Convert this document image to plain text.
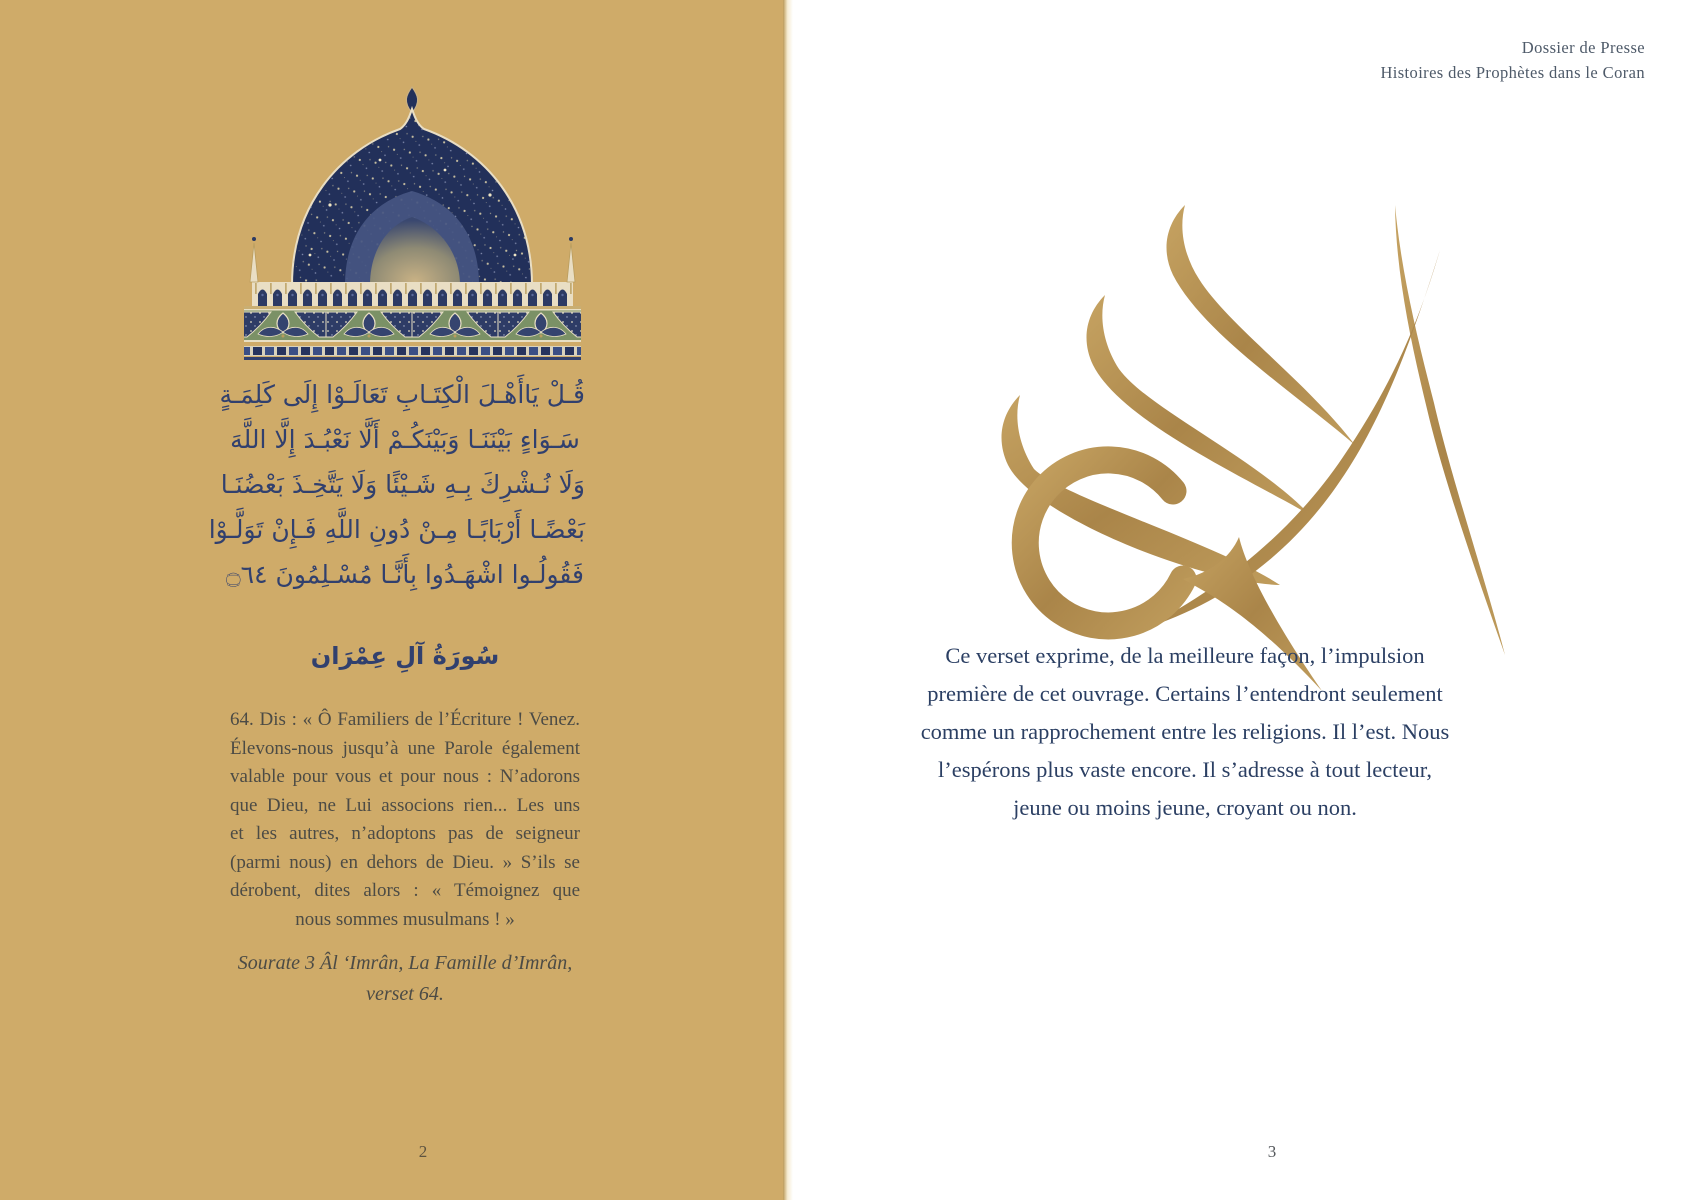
قُـلْ يَاأَهْـلَ الْكِتَـابِ تَعَالَـوْا إِلَى كَلِمَـةٍ
سَـوَاءٍ بَيْنَنَـا وَبَيْنَكُـمْ أَلَّا نَعْبُـدَ إِلَّا اللَّهَ
وَلَا نُـشْرِكَ بِـهِ شَـيْئًا وَلَا يَتَّخِـذَ بَعْضُنَـا
بَعْضًـا أَرْبَابًـا مِـنْ دُونِ اللَّهِ فَـإِنْ تَوَلَّـوْا
فَقُولُـوا اشْهَـدُوا بِأَنَّـا مُسْـلِمُونَ ۝٦٤
سُورَةُ آلِ عِمْرَان
64. Dis : « Ô Familiers de l’Écriture ! Venez.
Élevons-nous jusqu’à une Parole également
valable pour vous et pour nous : N’adorons
que Dieu, ne Lui associons rien... Les uns
et les autres, n’adoptons pas de seigneur
(parmi nous) en dehors de Dieu. » S’ils se
dérobent, dites alors : « Témoignez que
nous sommes musulmans ! »
Sourate 3 Âl ‘Imrân, La Famille d’Imrân,
verset 64.
2
Dossier de Presse
Histoires des Prophètes dans le Coran
Ce verset exprime, de la meilleure façon, l’impulsion
première de cet ouvrage. Certains l’entendront seulement
comme un rapprochement entre les religions. Il l’est. Nous
l’espérons plus vaste encore. Il s’adresse à tout lecteur,
jeune ou moins jeune, croyant ou non.
3
